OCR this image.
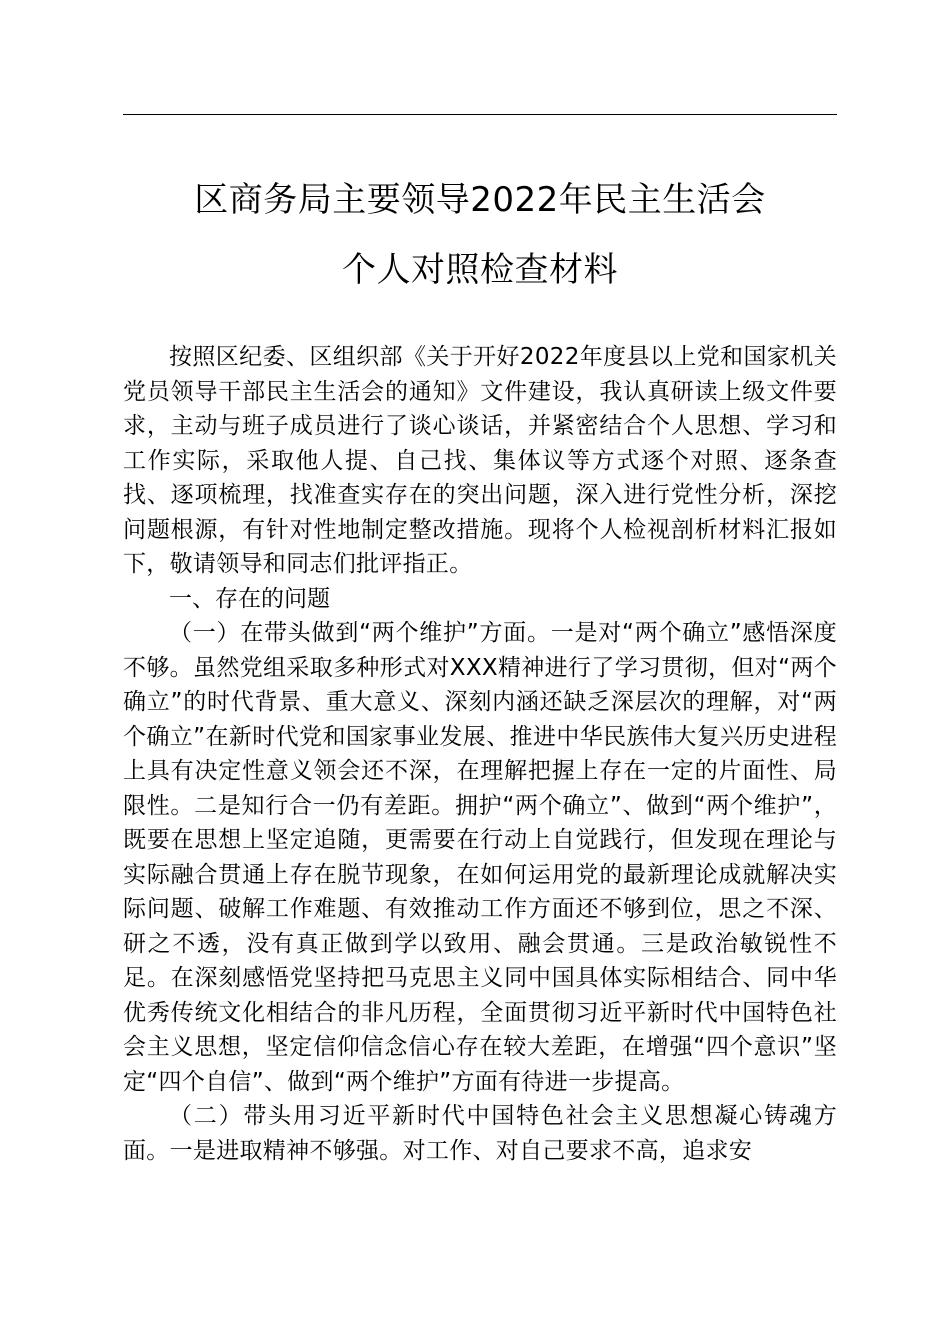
区商务局主要领导2022年民主生活会
个人对照检查材料

按照区纪委、区组织部《关于开好2022年度县以上党和国家机关党员领导干部民主生活会的通知》文件建设，我认真研读上级文件要求，主动与班子成员进行了谈心谈话，并紧密结合个人思想、学习和工作实际，采取他人提、自己找、集体议等方式逐个对照、逐条查找、逐项梳理，找准查实存在的突出问题，深入进行党性分析，深挖问题根源，有针对性地制定整改措施。现将个人检视剖析材料汇报如下，敬请领导和同志们批评指正。

一、存在的问题

（一）在带头做到“两个维护”方面。一是对“两个确立”感悟深度不够。虽然党组采取多种形式对XXX精神进行了学习贯彻，但对“两个确立”的时代背景、重大意义、深刻内涵还缺乏深层次的理解，对“两个确立”在新时代党和国家事业发展、推进中华民族伟大复兴历史进程上具有决定性意义领会还不深，在理解把握上存在一定的片面性、局限性。二是知行合一仍有差距。拥护“两个确立”、做到“两个维护”，既要在思想上坚定追随，更需要在行动上自觉践行，但发现在理论与实际融合贯通上存在脱节现象，在如何运用党的最新理论成就解决实际问题、破解工作难题、有效推动工作方面还不够到位，思之不深、研之不透，没有真正做到学以致用、融会贯通。三是政治敏锐性不足。在深刻感悟党坚持把马克思主义同中国具体实际相结合、同中华优秀传统文化相结合的非凡历程，全面贯彻习近平新时代中国特色社会主义思想，坚定信仰信念信心存在较大差距，在增强“四个意识”坚定“四个自信”、做到“两个维护”方面有待进一步提高。

（二）带头用习近平新时代中国特色社会主义思想凝心铸魂方面。一是进取精神不够强。对工作、对自己要求不高，追求安
